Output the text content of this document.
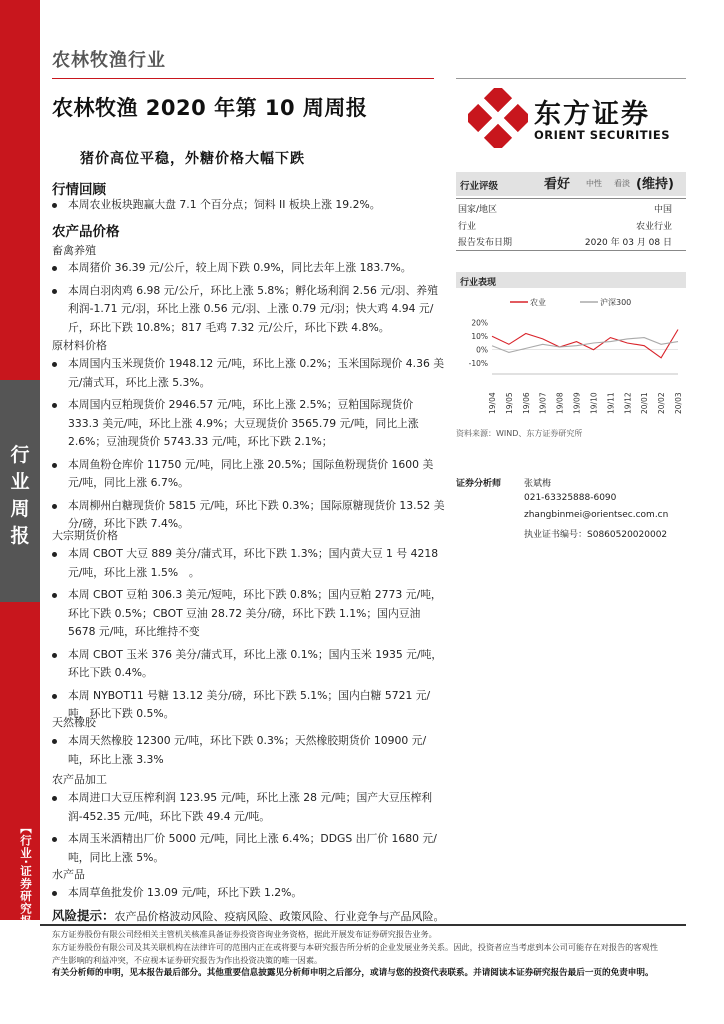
行
业
周
报
【行业·证券研究报告】
农林牧渔行业
农林牧渔 2020 年第 10 周周报
猪价高位平稳，外糖价格大幅下跌
东方证券
ORIENT SECURITIES
行情回顾
本周农业板块跑赢大盘 7.1 个百分点；饲料 II 板块上涨 19.2%。
农产品价格
畜禽养殖
本周猪价 36.39 元/公斤，较上周下跌 0.9%，同比去年上涨 183.7%。
本周白羽肉鸡 6.98 元/公斤，环比上涨 5.8%；孵化场利润 2.56 元/羽、养殖利润-1.71 元/羽，环比上涨 0.56 元/羽、上涨 0.79 元/羽；快大鸡 4.94 元/斤，环比下跌 10.8%；817 毛鸡 7.32 元/公斤，环比下跌 4.8%。
原材料价格
本周国内玉米现货价 1948.12 元/吨，环比上涨 0.2%；玉米国际现价 4.36 美元/蒲式耳，环比上涨 5.3%。
本周国内豆粕现货价 2946.57 元/吨，环比上涨 2.5%；豆粕国际现货价 333.3 美元/吨，环比上涨 4.9%；大豆现货价 3565.79 元/吨，同比上涨 2.6%；豆油现货价 5743.33 元/吨，环比下跌 2.1%；
本周鱼粉仓库价 11750 元/吨，同比上涨 20.5%；国际鱼粉现货价 1600 美元/吨，同比上涨 6.7%。
本周柳州白糖现货价 5815 元/吨，环比下跌 0.3%；国际原糖现货价 13.52 美分/磅，环比下跌 7.4%。
大宗期货价格
本周 CBOT 大豆 889 美分/蒲式耳，环比下跌 1.3%；国内黄大豆 1 号 4218 元/吨，环比上涨 1.5%　。
本周 CBOT 豆粕 306.3 美元/短吨，环比下跌 0.8%；国内豆粕 2773 元/吨，环比下跌 0.5%；CBOT 豆油 28.72 美分/磅，环比下跌 1.1%；国内豆油 5678 元/吨，环比维持不变
本周 CBOT 玉米 376 美分/蒲式耳，环比上涨 0.1%；国内玉米 1935 元/吨，环比下跌 0.4%。
本周 NYBOT11 号糖 13.12 美分/磅，环比下跌 5.1%；国内白糖 5721 元/吨，环比下跌 0.5%。
天然橡胶
本周天然橡胶 12300 元/吨，环比下跌 0.3%；天然橡胶期货价 10900 元/吨，环比上涨 3.3%
农产品加工
本周进口大豆压榨利润 123.95 元/吨，环比上涨 28 元/吨；国产大豆压榨利润-452.35 元/吨，环比下跌 49.4 元/吨。
本周玉米酒精出厂价 5000 元/吨，同比上涨 6.4%；DDGS 出厂价 1680 元/吨，同比上涨 5%。
水产品
本周草鱼批发价 13.09 元/吨，环比下跌 1.2%。
风险提示：农产品价格波动风险、疫病风险、政策风险、行业竞争与产品风险。
行业评级	看好 中性 看淡 (维持)
国家/地区	中国
行业	农业行业
报告发布日期	2020 年 03 月 08 日
行业表现
农业	沪深300
20%
10%
0%
-10%
19/04 19/05 19/06 19/07 19/08 19/09 19/10 19/11 19/12 20/01 20/02 20/03
资料来源：WIND、东方证券研究所
证券分析师	张斌梅
021-63325888-6090
zhangbinmei@orientsec.com.cn
执业证书编号：S0860520020002
东方证券股份有限公司经相关主管机关核准具备证券投资咨询业务资格，据此开展发布证券研究报告业务。
东方证券股份有限公司及其关联机构在法律许可的范围内正在或将要与本研究报告所分析的企业发展业务关系。因此，投资者应当考虑到本公司可能存在对报告的客观性
产生影响的利益冲突，不应视本证券研究报告为作出投资决策的唯一因素。
有关分析师的申明，见本报告最后部分。其他重要信息披露见分析师申明之后部分，或请与您的投资代表联系。并请阅读本证券研究报告最后一页的免责申明。
